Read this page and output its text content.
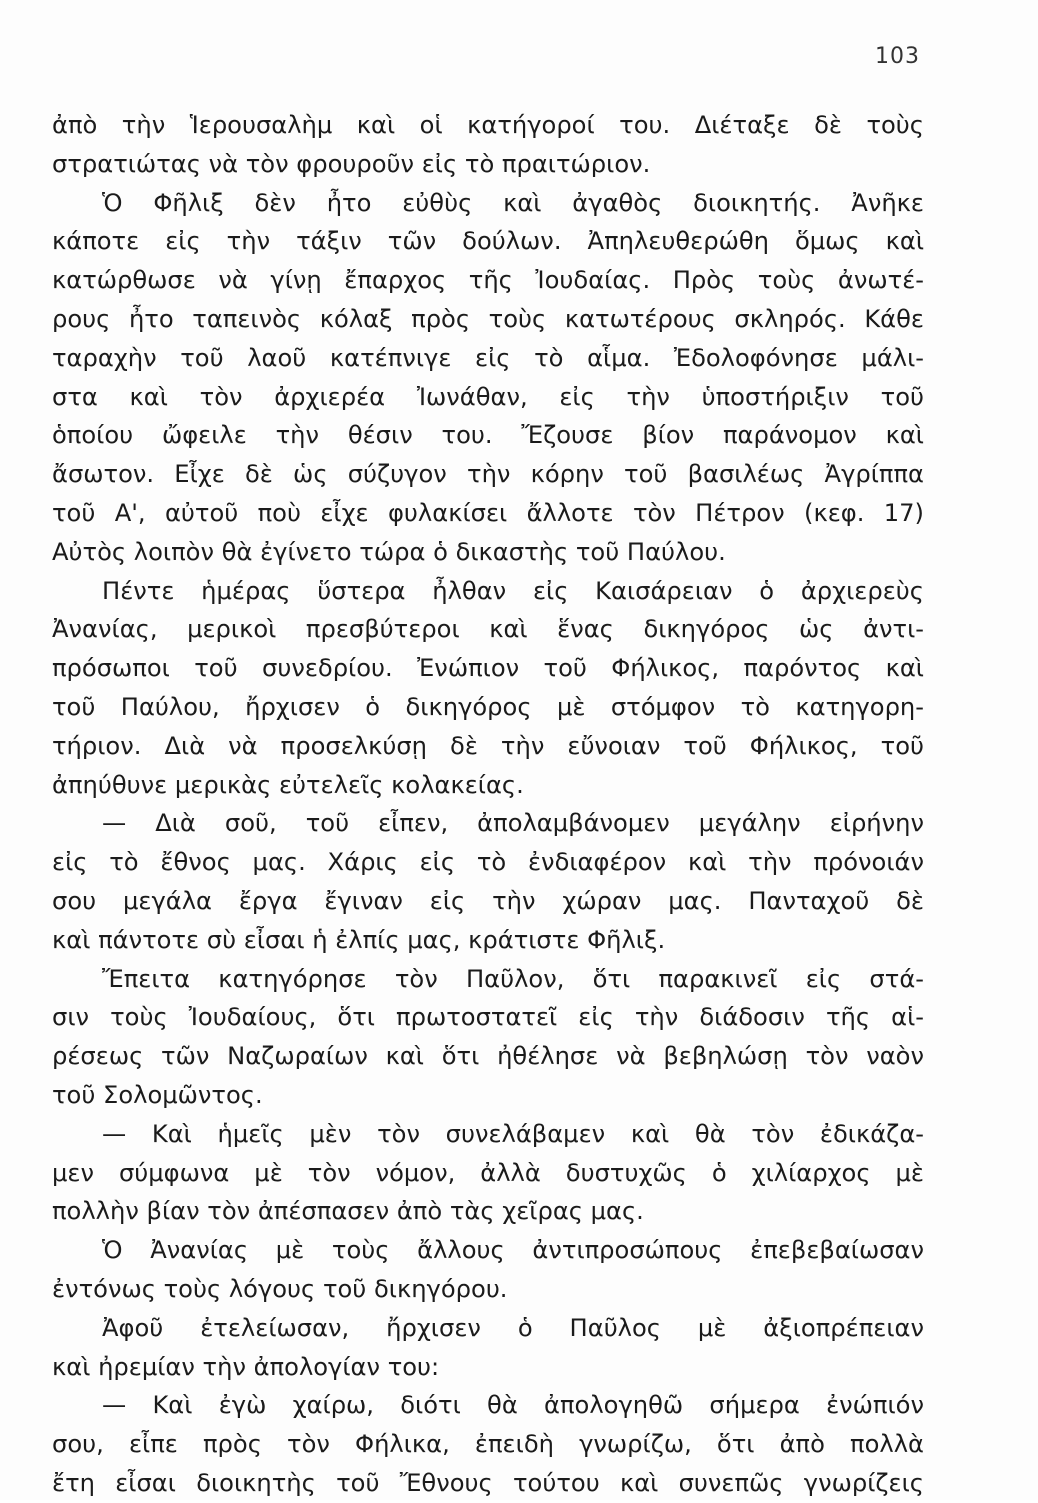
103
ἀπὸ τὴν Ἱερουσαλὴμ καὶ οἱ κατήγοροί του. Διέταξε δὲ τοὺς
στρατιώτας νὰ τὸν φρουροῦν εἰς τὸ πραιτώριον.
Ὁ Φῆλιξ δὲν ἦτο εὐθὺς καὶ ἀγαθὸς διοικητής. Ἀνῆκε
κάποτε εἰς τὴν τάξιν τῶν δούλων. Ἀπηλευθερώθη ὅμως καὶ
κατώρθωσε νὰ γίνῃ ἔπαρχος τῆς Ἰουδαίας. Πρὸς τοὺς ἀνωτέ-
ρους ἦτο ταπεινὸς κόλαξ πρὸς τοὺς κατωτέρους σκληρός. Κάθε
ταραχὴν τοῦ λαοῦ κατέπνιγε εἰς τὸ αἷμα. Ἐδολοφόνησε μάλι-
στα καὶ τὸν ἀρχιερέα Ἰωνάθαν, εἰς τὴν ὑποστήριξιν τοῦ
ὁποίου ὤφειλε τὴν θέσιν του. Ἔζουσε βίον παράνομον καὶ
ἄσωτον. Εἶχε δὲ ὡς σύζυγον τὴν κόρην τοῦ βασιλέως Ἀγρίππα
τοῦ Α', αὐτοῦ ποὺ εἶχε φυλακίσει ἄλλοτε τὸν Πέτρον (κεφ. 17)
Αὐτὸς λοιπὸν θὰ ἐγίνετο τώρα ὁ δικαστὴς τοῦ Παύλου.
Πέντε ἡμέρας ὕστερα ἦλθαν εἰς Καισάρειαν ὁ ἀρχιερεὺς
Ἀνανίας, μερικοὶ πρεσβύτεροι καὶ ἕνας δικηγόρος ὡς ἀντι-
πρόσωποι τοῦ συνεδρίου. Ἐνώπιον τοῦ Φήλικος, παρόντος καὶ
τοῦ Παύλου, ἤρχισεν ὁ δικηγόρος μὲ στόμφον τὸ κατηγορη-
τήριον. Διὰ νὰ προσελκύσῃ δὲ τὴν εὔνοιαν τοῦ Φήλικος, τοῦ
ἀπηύθυνε μερικὰς εὐτελεῖς κολακείας.
— Διὰ σοῦ, τοῦ εἶπεν, ἀπολαμβάνομεν μεγάλην εἰρήνην
εἰς τὸ ἔθνος μας. Χάρις εἰς τὸ ἐνδιαφέρον καὶ τὴν πρόνοιάν
σου μεγάλα ἔργα ἔγιναν εἰς τὴν χώραν μας. Πανταχοῦ δὲ
καὶ πάντοτε σὺ εἶσαι ἡ ἐλπίς μας, κράτιστε Φῆλιξ.
Ἔπειτα κατηγόρησε τὸν Παῦλον, ὅτι παρακινεῖ εἰς στά-
σιν τοὺς Ἰουδαίους, ὅτι πρωτοστατεῖ εἰς τὴν διάδοσιν τῆς αἱ-
ρέσεως τῶν Ναζωραίων καὶ ὅτι ἠθέλησε νὰ βεβηλώσῃ τὸν ναὸν
τοῦ Σολομῶντος.
— Καὶ ἡμεῖς μὲν τὸν συνελάβαμεν καὶ θὰ τὸν ἐδικάζα-
μεν σύμφωνα μὲ τὸν νόμον, ἀλλὰ δυστυχῶς ὁ χιλίαρχος μὲ
πολλὴν βίαν τὸν ἀπέσπασεν ἀπὸ τὰς χεῖρας μας.
Ὁ Ἀνανίας μὲ τοὺς ἄλλους ἀντιπροσώπους ἐπεβεβαίωσαν
ἐντόνως τοὺς λόγους τοῦ δικηγόρου.
Ἀφοῦ ἐτελείωσαν, ἤρχισεν ὁ Παῦλος μὲ ἀξιοπρέπειαν
καὶ ἠρεμίαν τὴν ἀπολογίαν του:
— Καὶ ἐγὼ χαίρω, διότι θὰ ἀπολογηθῶ σήμερα ἐνώπιόν
σου, εἶπε πρὸς τὸν Φήλικα, ἐπειδὴ γνωρίζω, ὅτι ἀπὸ πολλὰ
ἔτη εἶσαι διοικητὴς τοῦ Ἔθνους τούτου καὶ συνεπῶς γνωρίζεις
